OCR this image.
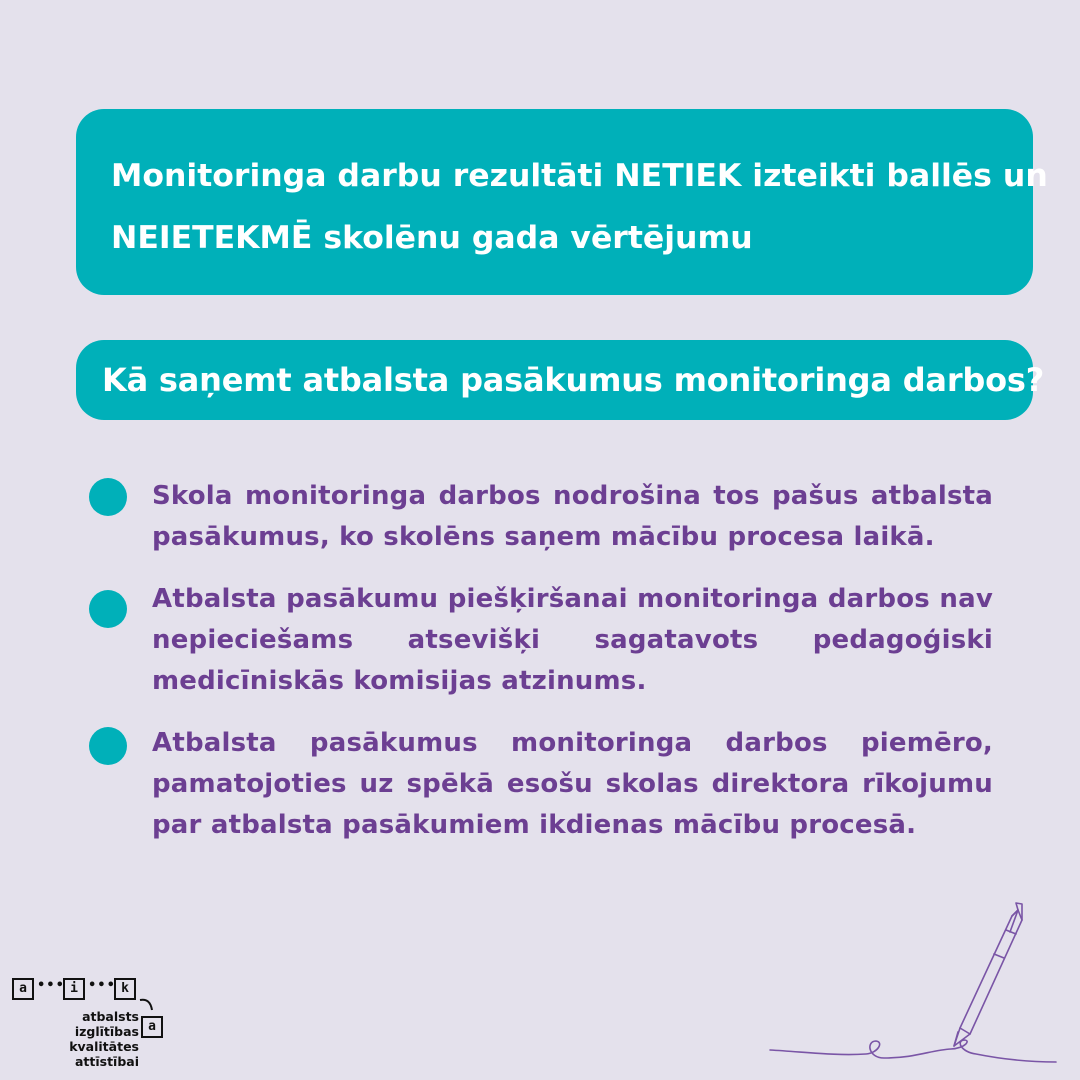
Monitoringa darbu rezultāti NETIEK izteikti ballēs un
NEIETEKMĒ skolēnu gada vērtējumu
Kā saņemt atbalsta pasākumus monitoringa darbos?
Skola monitoringa darbos nodrošina tos pašus atbalsta pasākumus, ko skolēns saņem mācību procesa laikā.
Atbalsta pasākumu piešķiršanai monitoringa darbos nav nepieciešams atsevišķi sagatavots pedagoģiski medicīniskās komisijas atzinums.
Atbalsta pasākumus monitoringa darbos piemēro, pamatojoties uz spēkā esošu skolas direktora rīkojumu par atbalsta pasākumiem ikdienas mācību procesā.
a ••• i ••• k
a
atbalsts
izglītības
kvalitātes
attīstībai
